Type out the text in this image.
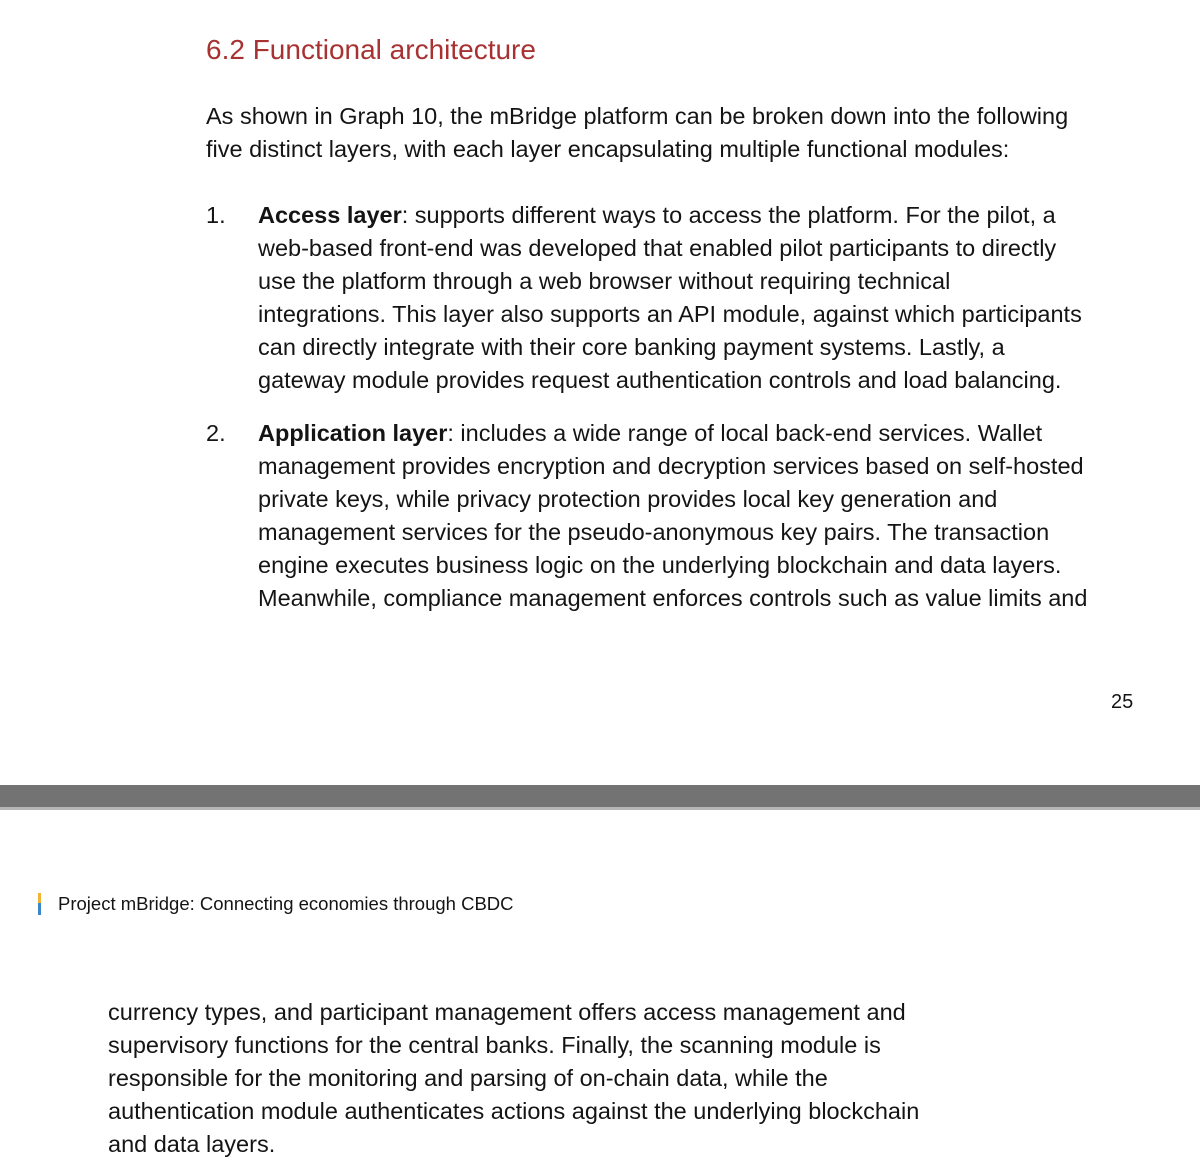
6.2 Functional architecture

As shown in Graph 10, the mBridge platform can be broken down into the following
five distinct layers, with each layer encapsulating multiple functional modules:

1. Access layer: supports different ways to access the platform. For the pilot, a
web-based front-end was developed that enabled pilot participants to directly
use the platform through a web browser without requiring technical
integrations. This layer also supports an API module, against which participants
can directly integrate with their core banking payment systems. Lastly, a
gateway module provides request authentication controls and load balancing.
2. Application layer: includes a wide range of local back-end services. Wallet
management provides encryption and decryption services based on self-hosted
private keys, while privacy protection provides local key generation and
management services for the pseudo-anonymous key pairs. The transaction
engine executes business logic on the underlying blockchain and data layers.
Meanwhile, compliance management enforces controls such as value limits and
25
Project mBridge: Connecting economies through CBDC
currency types, and participant management offers access management and
supervisory functions for the central banks. Finally, the scanning module is
responsible for the monitoring and parsing of on-chain data, while the
authentication module authenticates actions against the underlying blockchain
and data layers.
